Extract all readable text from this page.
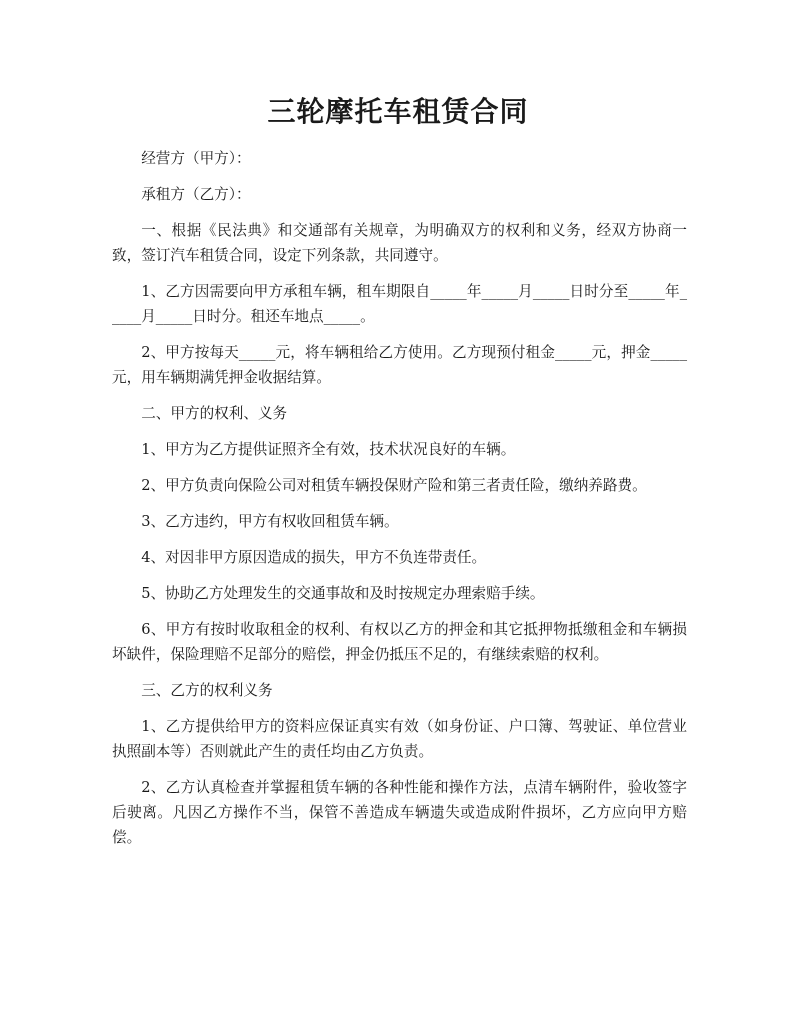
三轮摩托车租赁合同

经营方（甲方）：

承租方（乙方）：

一、根据《民法典》和交通部有关规章，为明确双方的权利和义务，经双方协商一致，签订汽车租赁合同，设定下列条款，共同遵守。

1、乙方因需要向甲方承租车辆，租车期限自_____年_____月_____日时分至_____年_____月_____日时分。租还车地点_____。

2、甲方按每天_____元，将车辆租给乙方使用。乙方现预付租金_____元，押金_____元，用车辆期满凭押金收据结算。

二、甲方的权利、义务

1、甲方为乙方提供证照齐全有效，技术状况良好的车辆。

2、甲方负责向保险公司对租赁车辆投保财产险和第三者责任险，缴纳养路费。

3、乙方违约，甲方有权收回租赁车辆。

4、对因非甲方原因造成的损失，甲方不负连带责任。

5、协助乙方处理发生的交通事故和及时按规定办理索赔手续。

6、甲方有按时收取租金的权利、有权以乙方的押金和其它抵押物抵缴租金和车辆损坏缺件，保险理赔不足部分的赔偿，押金仍抵压不足的，有继续索赔的权利。

三、乙方的权利义务

1、乙方提供给甲方的资料应保证真实有效（如身份证、户口簿、驾驶证、单位营业执照副本等）否则就此产生的责任均由乙方负责。

2、乙方认真检查并掌握租赁车辆的各种性能和操作方法，点清车辆附件，验收签字后驶离。凡因乙方操作不当，保管不善造成车辆遗失或造成附件损坏，乙方应向甲方赔偿。
